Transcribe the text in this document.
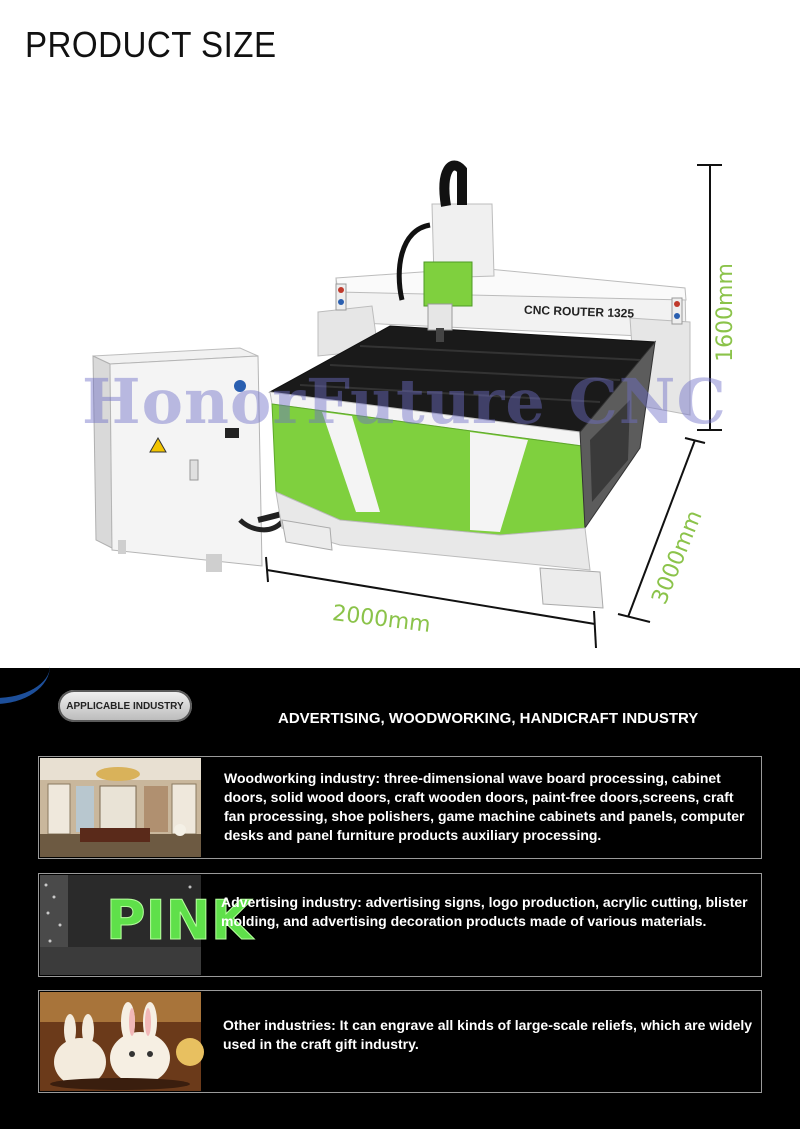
PRODUCT SIZE
CNC ROUTER 1325
HonorFuture CNC
2000mm
1600mm
3000mm
APPLICABLE INDUSTRY
ADVERTISING, WOODWORKING, HANDICRAFT INDUSTRY
Woodworking industry: three-dimensional wave board processing, cabinet doors, solid wood doors, craft wooden doors, paint-free doors,screens, craft fan processing, shoe polishers, game machine cabinets and panels, computer desks and panel furniture products auxiliary processing.
PINK
Advertising industry: advertising signs, logo production, acrylic cutting, blister molding, and advertising decoration products made of various materials.
Other industries: It can engrave all kinds of large-scale reliefs, which are widely used in the craft gift industry.
